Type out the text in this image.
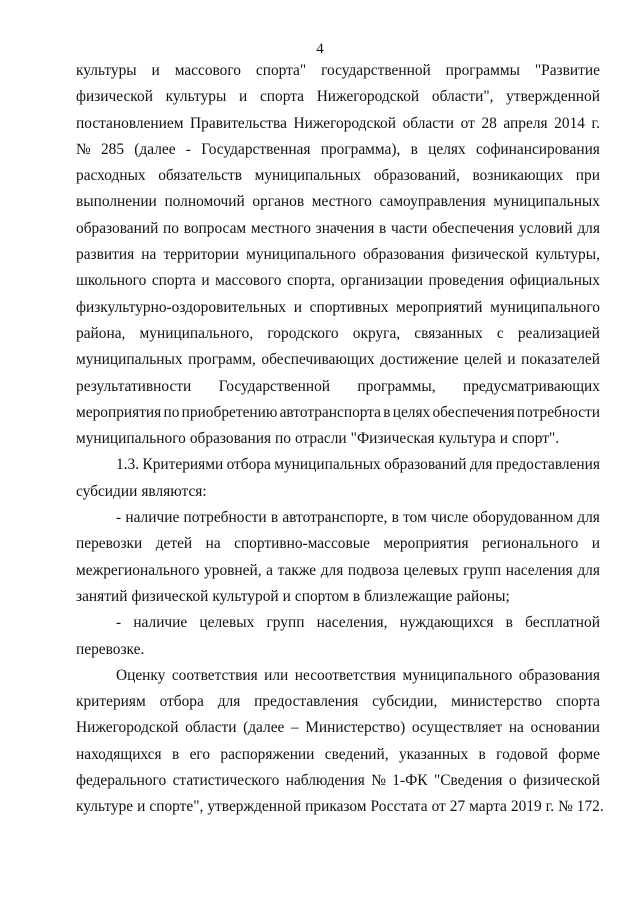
4
культуры и массового спорта" государственной программы "Развитие
физической культуры и спорта Нижегородской области", утвержденной
постановлением Правительства Нижегородской области от 28 апреля 2014 г.
№ 285 (далее - Государственная программа), в целях софинансирования
расходных обязательств муниципальных образований, возникающих при
выполнении полномочий органов местного самоуправления муниципальных
образований по вопросам местного значения в части обеспечения условий для
развития на территории муниципального образования физической культуры,
школьного спорта и массового спорта, организации проведения официальных
физкультурно-оздоровительных и спортивных мероприятий муниципального
района, муниципального, городского округа, связанных с реализацией
муниципальных программ, обеспечивающих достижение целей и показателей
результативности Государственной программы, предусматривающих
мероприятия по приобретению автотранспорта в целях обеспечения потребности
муниципального образования по отрасли "Физическая культура и спорт".
1.3. Критериями отбора муниципальных образований для предоставления
субсидии являются:
- наличие потребности в автотранспорте, в том числе оборудованном для
перевозки детей на спортивно-массовые мероприятия регионального и
межрегионального уровней, а также для подвоза целевых групп населения для
занятий физической культурой и спортом в близлежащие районы;
- наличие целевых групп населения, нуждающихся в бесплатной
перевозке.
Оценку соответствия или несоответствия муниципального образования
критериям отбора для предоставления субсидии, министерство спорта
Нижегородской области (далее – Министерство) осуществляет на основании
находящихся в его распоряжении сведений, указанных в годовой форме
федерального статистического наблюдения № 1-ФК "Сведения о физической
культуре и спорте", утвержденной приказом Росстата от 27 марта 2019 г. № 172.
